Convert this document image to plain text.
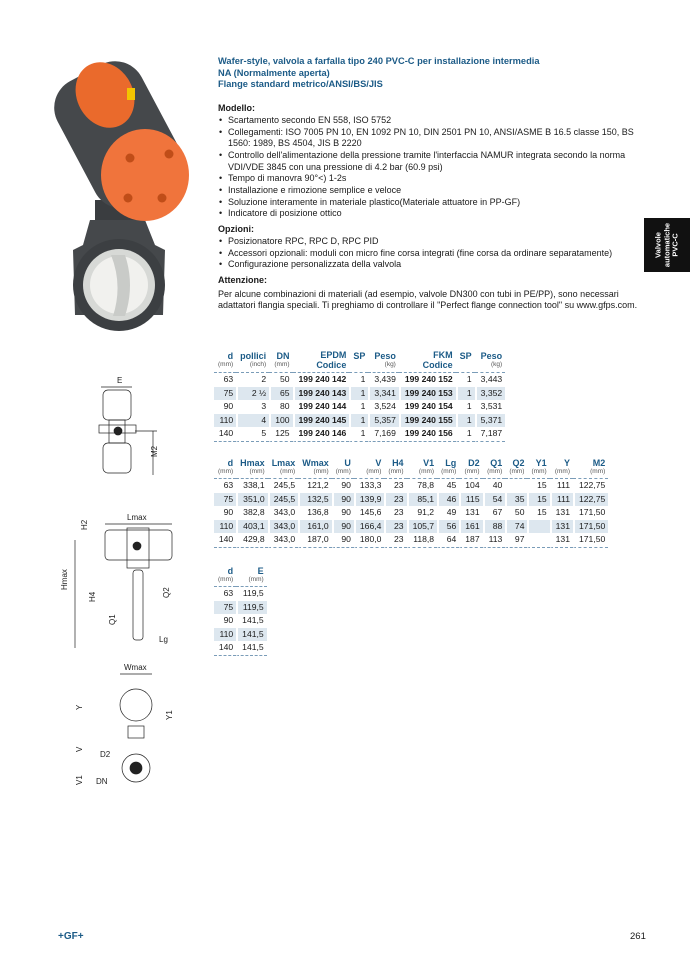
E
M2
H2
Lmax
Hmax
H4
Q1
Q2
Lg
Wmax
Y
Y1
V
D2
V1 DN
Wafer-style, valvola a farfalla tipo 240 PVC-C per installazione intermedia
NA (Normalmente aperta)
Flange standard metrico/ANSI/BS/JIS
Modello:
• Scartamento secondo EN 558, ISO 5752
• Collegamenti: ISO 7005 PN 10, EN 1092 PN 10, DIN 2501 PN 10, ANSI/ASME B 16.5 classe 150, BS 1560: 1989, BS 4504, JIS B 2220
• Controllo dell'alimentazione della pressione tramite l'interfaccia NAMUR integrata secondo la norma VDI/VDE 3845 con una pressione di 4.2 bar (60.9 psi)
• Tempo di manovra 90°<) 1-2s
• Installazione e rimozione semplice e veloce
• Soluzione interamente in materiale plastico(Materiale attuatore in PP-GF)
• Indicatore di posizione ottico
Opzioni:
• Posizionatore RPC, RPC D, RPC PID
• Accessori opzionali: moduli con micro fine corsa integrati (fine corsa da ordinare separatamente)
• Configurazione personalizzata della valvola
Attenzione:
Per alcune combinazioni di materiali (ad esempio, valvole DN300 con tubi in PE/PP), sono necessari adattatori flangia speciali. Ti preghiamo di controllare il "Perfect flange connection tool" su www.gfps.com.
d
(mm)	pollici
(inch)	DN
(mm)	EPDM
Codice	SP	Peso
(kg)	FKM
Codice	SP	Peso
(kg)

63	2	50	199 240 142	1	3,439	199 240 152	1	3,443
75	2 ½	65	199 240 143	1	3,341	199 240 153	1	3,352
90	3	80	199 240 144	1	3,524	199 240 154	1	3,531
110	4	100	199 240 145	1	5,357	199 240 155	1	5,371
140	5	125	199 240 146	1	7,169	199 240 156	1	7,187
d
(mm)	Hmax
(mm)	Lmax
(mm)	Wmax
(mm)	U
(mm)	V
(mm)	H4
(mm)	V1
(mm)	Lg
(mm)	D2
(mm)	Q1
(mm)	Q2
(mm)	Y1
(mm)	Y
(mm)	M2
(mm)

63	338,1	245,5	121,2	90	133,3	23	78,8	45	104	40		15	111	122,75
75	351,0	245,5	132,5	90	139,9	23	85,1	46	115	54	35	15	111	122,75
90	382,8	343,0	136,8	90	145,6	23	91,2	49	131	67	50	15	131	171,50
110	403,1	343,0	161,0	90	166,4	23	105,7	56	161	88	74		131	171,50
140	429,8	343,0	187,0	90	180,0	23	118,8	64	187	113	97		131	171,50
d
(mm)	E
(mm)

63	119,5
75	119,5
90	141,5
110	141,5
140	141,5
Valvole
automatiche
PVC-C
+GF+	261
